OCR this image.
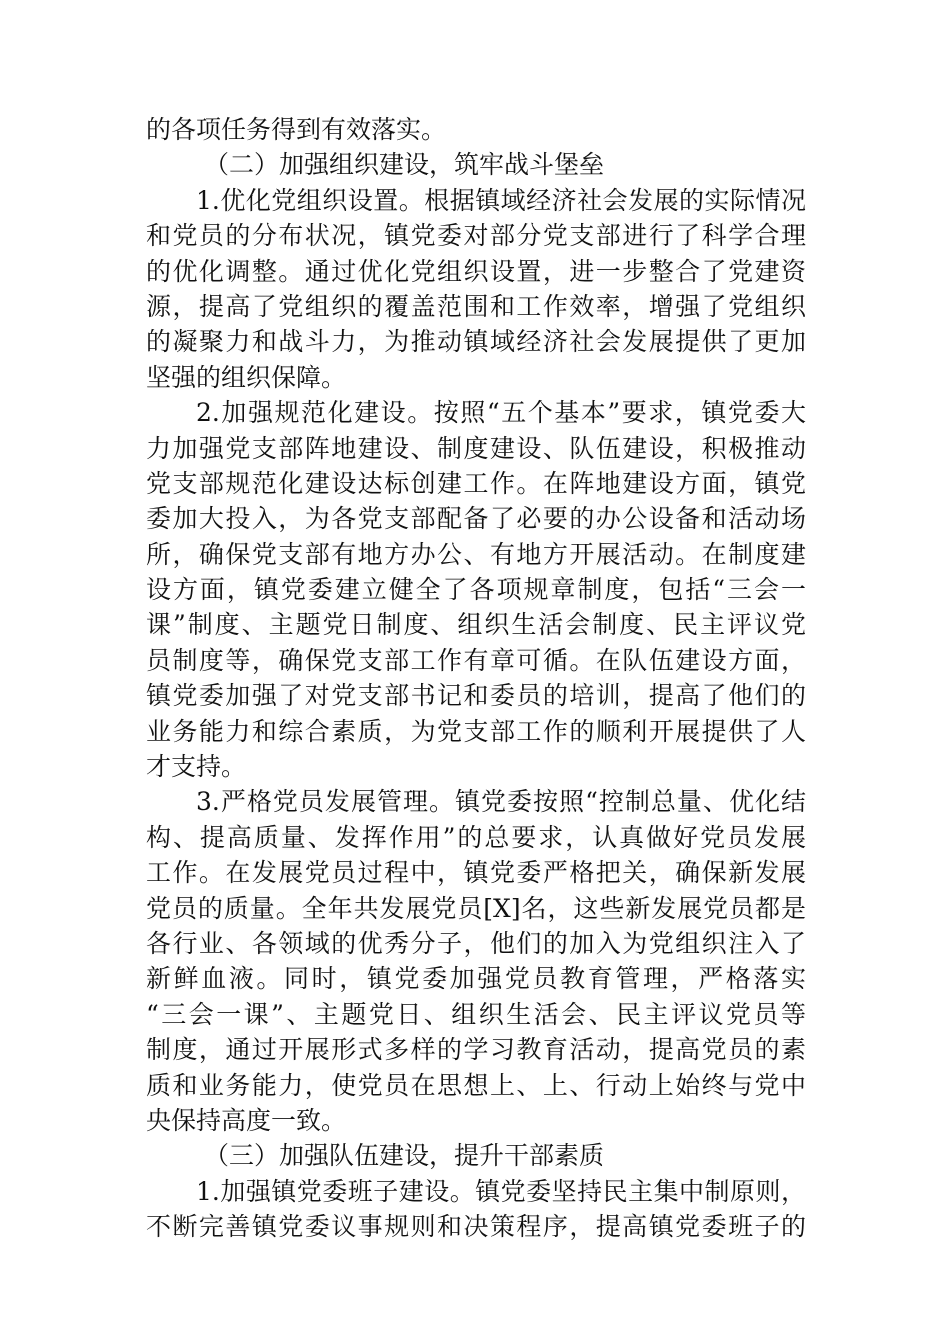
的各项任务得到有效落实。
（二）加强组织建设，筑牢战斗堡垒
1.优化党组织设置。根据镇域经济社会发展的实际情况
和党员的分布状况，镇党委对部分党支部进行了科学合理
的优化调整。通过优化党组织设置，进一步整合了党建资
源，提高了党组织的覆盖范围和工作效率，增强了党组织
的凝聚力和战斗力，为推动镇域经济社会发展提供了更加
坚强的组织保障。
2.加强规范化建设。按照“五个基本”要求，镇党委大
力加强党支部阵地建设、制度建设、队伍建设，积极推动
党支部规范化建设达标创建工作。在阵地建设方面，镇党
委加大投入，为各党支部配备了必要的办公设备和活动场
所，确保党支部有地方办公、有地方开展活动。在制度建
设方面，镇党委建立健全了各项规章制度，包括“三会一
课”制度、主题党日制度、组织生活会制度、民主评议党
员制度等，确保党支部工作有章可循。在队伍建设方面，
镇党委加强了对党支部书记和委员的培训，提高了他们的
业务能力和综合素质，为党支部工作的顺利开展提供了人
才支持。
3.严格党员发展管理。镇党委按照“控制总量、优化结
构、提高质量、发挥作用”的总要求，认真做好党员发展
工作。在发展党员过程中，镇党委严格把关，确保新发展
党员的质量。全年共发展党员[X]名，这些新发展党员都是
各行业、各领域的优秀分子，他们的加入为党组织注入了
新鲜血液。同时，镇党委加强党员教育管理，严格落实
“三会一课”、主题党日、组织生活会、民主评议党员等
制度，通过开展形式多样的学习教育活动，提高党员的素
质和业务能力，使党员在思想上、上、行动上始终与党中
央保持高度一致。
（三）加强队伍建设，提升干部素质
1.加强镇党委班子建设。镇党委坚持民主集中制原则，
不断完善镇党委议事规则和决策程序，提高镇党委班子的
